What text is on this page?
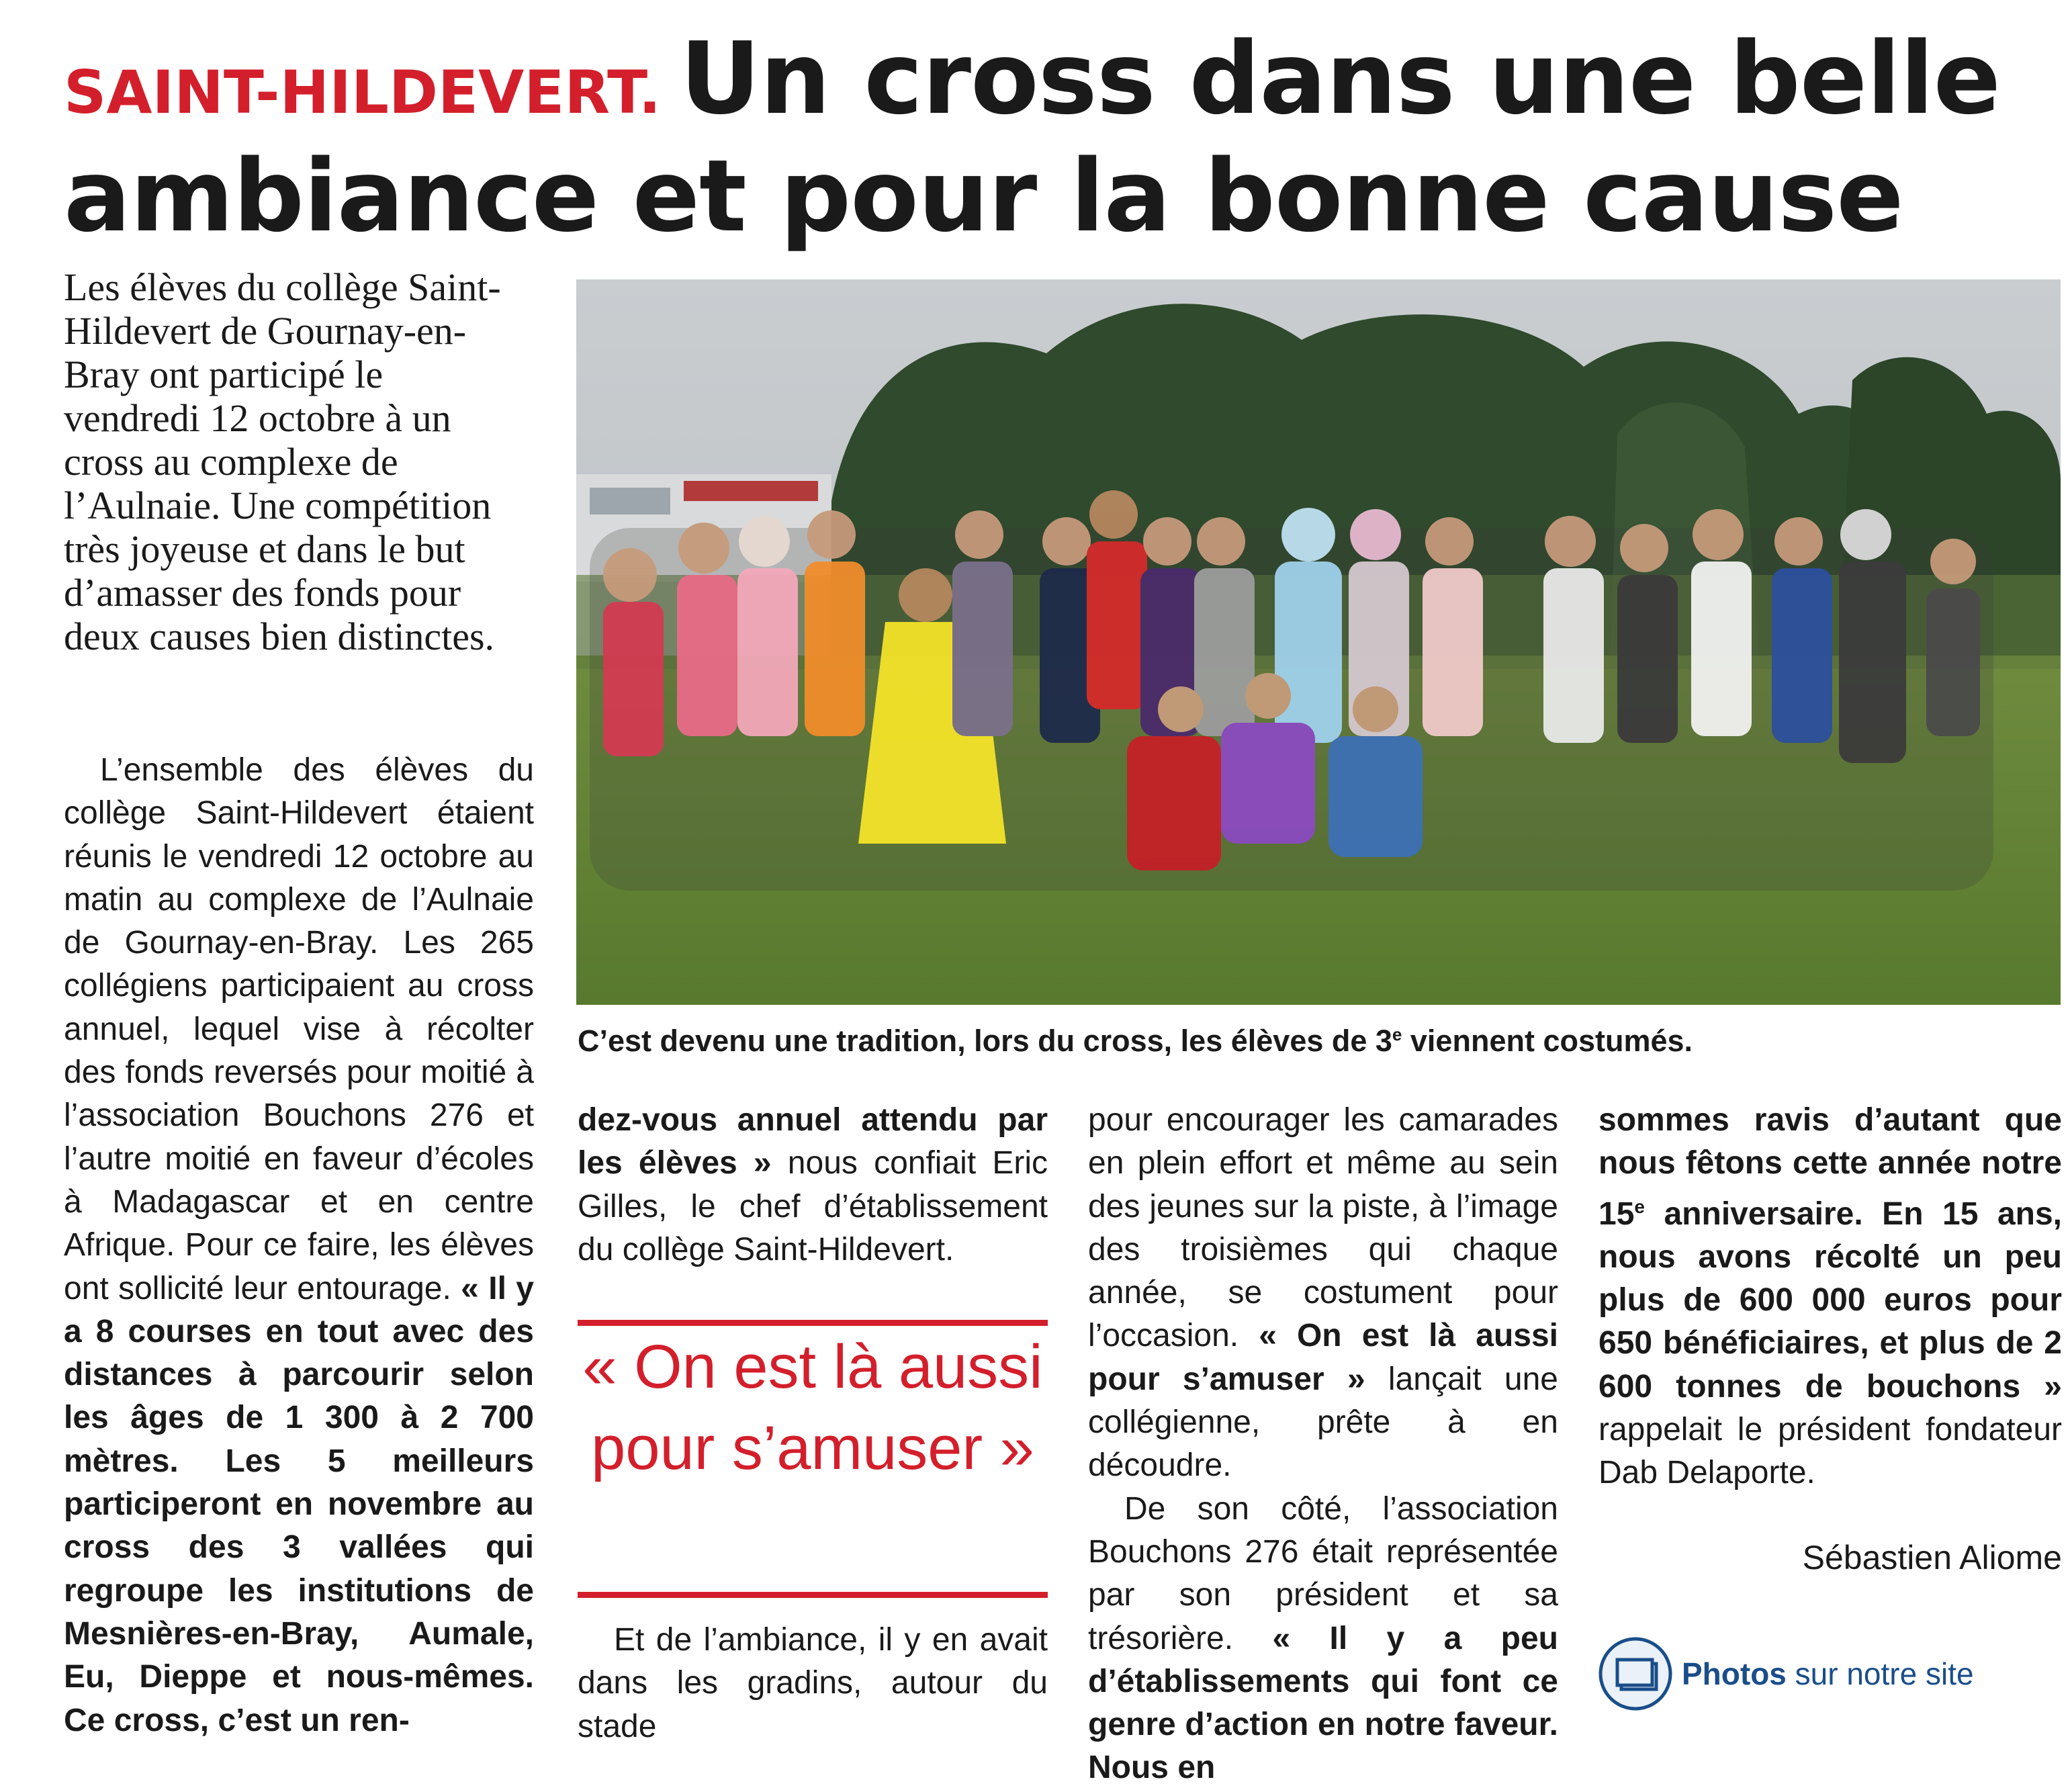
SAINT-HILDEVERT. Un cross dans une belle ambiance et pour la bonne cause
Les élèves du collège Saint-Hildevert de Gournay-en-Bray ont participé le vendredi 12 octobre à un cross au complexe de l’Aulnaie. Une compétition très joyeuse et dans le but d’amasser des fonds pour deux causes bien distinctes.
C’est devenu une tradition, lors du cross, les élèves de 3e viennent costumés.

L’ensemble des élèves du collège Saint-Hildevert étaient réunis le vendredi 12 octobre au matin au complexe de l’Aulnaie de Gournay-en-Bray. Les 265 collégiens participaient au cross annuel, lequel vise à récolter des fonds reversés pour moitié à l’association Bouchons 276 et l’autre moitié en faveur d’écoles à Madagascar et en centre Afrique. Pour ce faire, les élèves ont sollicité leur entourage. « Il y a 8 courses en tout avec des distances à parcourir selon les âges de 1 300 à 2 700 mètres. Les 5 meilleurs participeront en novembre au cross des 3 vallées qui regroupe les institutions de Mesnières-en-Bray, Aumale, Eu, Dieppe et nous-mêmes. Ce cross, c’est un ren-

dez-vous annuel attendu par les élèves » nous confiait Eric Gilles, le chef d’établissement du collège Saint-Hildevert.

« On est là aussi pour s’amuser »

Et de l’ambiance, il y en avait dans les gradins, autour du stade

pour encourager les camarades en plein effort et même au sein des jeunes sur la piste, à l’image des troisièmes qui chaque année, se costument pour l’occasion. « On est là aussi pour s’amuser » lançait une collégienne, prête à en découdre.

De son côté, l’association Bouchons 276 était représentée par son président et sa trésorière. « Il y a peu d’établissements qui font ce genre d’action en notre faveur. Nous en

sommes ravis d’autant que nous fêtons cette année notre 15e anniversaire. En 15 ans, nous avons récolté un peu plus de 600 000 euros pour 650 bénéficiaires, et plus de 2 600 tonnes de bouchons » rappelait le président fondateur Dab Delaporte.

Sébastien Aliome
Photos sur notre site
